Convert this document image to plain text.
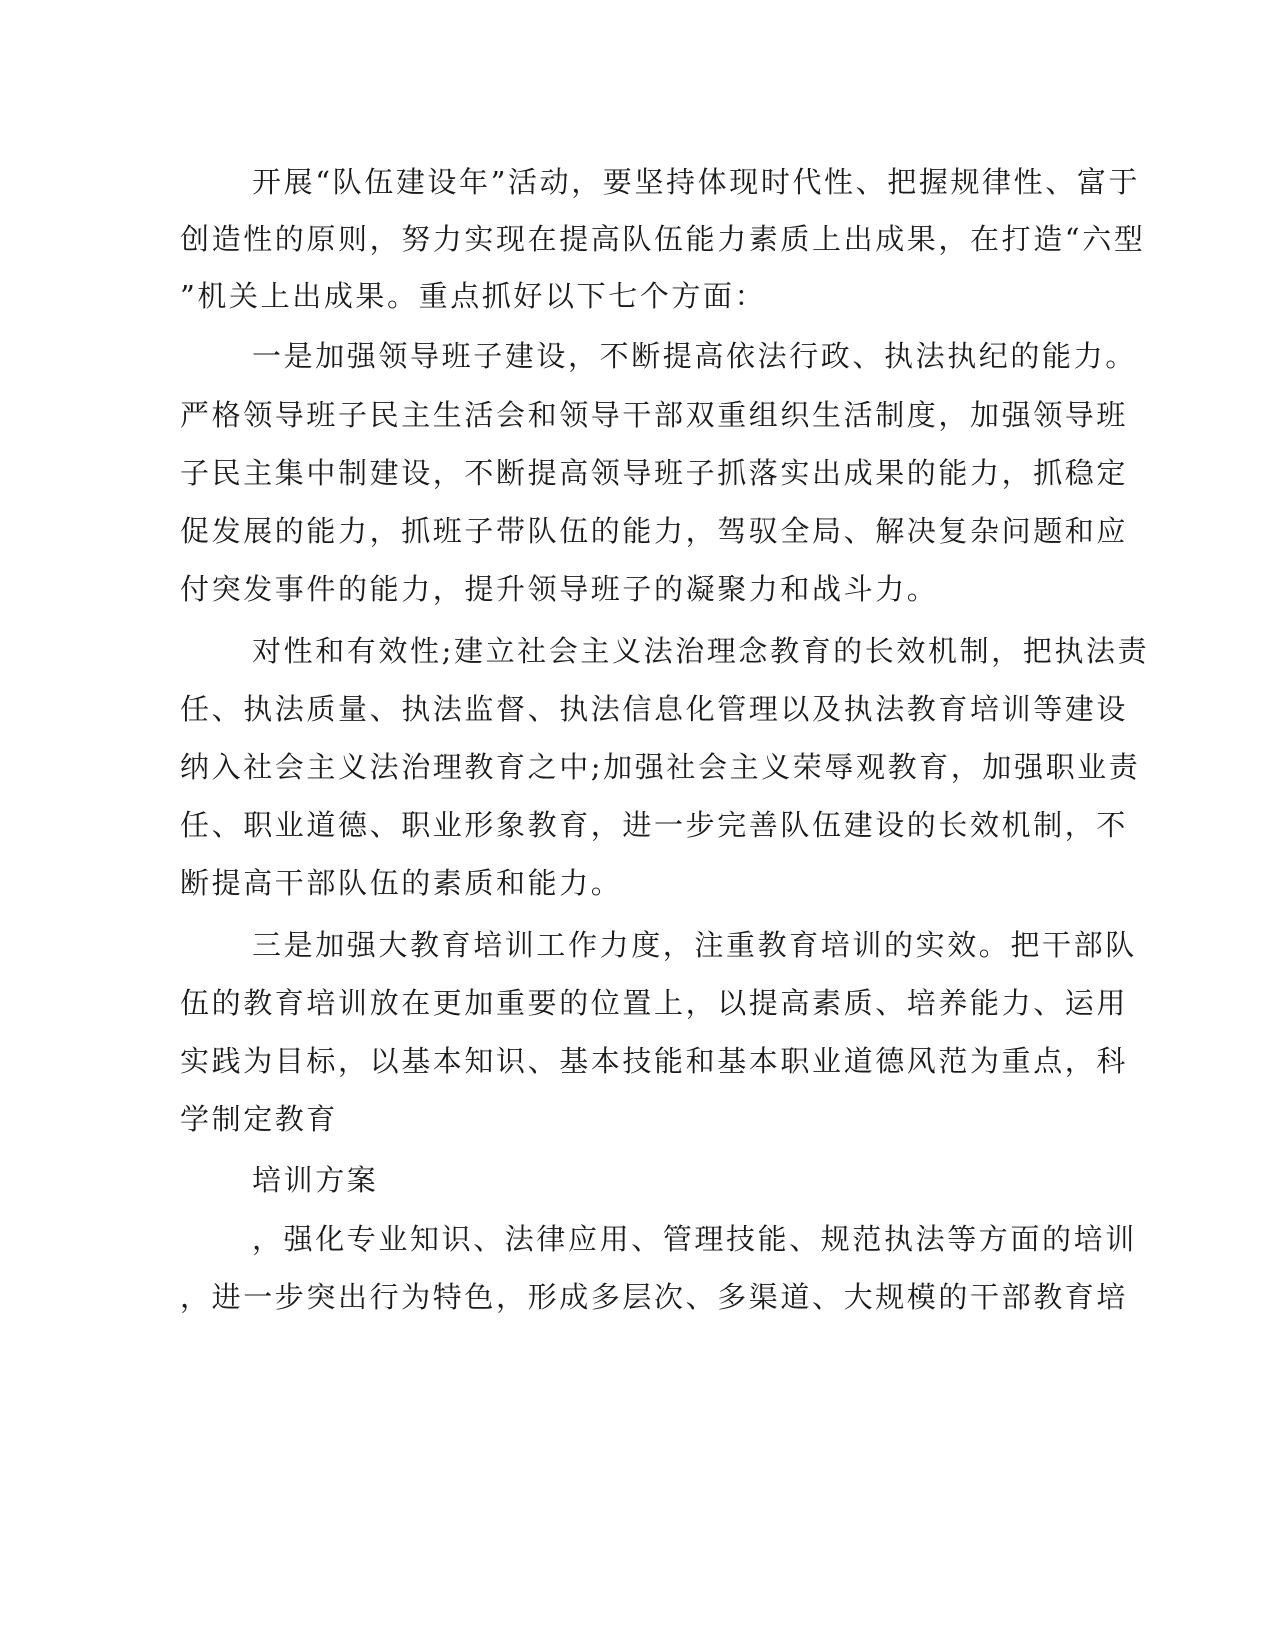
开展“队伍建设年”活动，要坚持体现时代性、把握规律性、富于
创造性的原则，努力实现在提高队伍能力素质上出成果，在打造“六型
”机关上出成果。重点抓好以下七个方面：
一是加强领导班子建设，不断提高依法行政、执法执纪的能力。
严格领导班子民主生活会和领导干部双重组织生活制度，加强领导班
子民主集中制建设，不断提高领导班子抓落实出成果的能力，抓稳定
促发展的能力，抓班子带队伍的能力，驾驭全局、解决复杂问题和应
付突发事件的能力，提升领导班子的凝聚力和战斗力。
对性和有效性;建立社会主义法治理念教育的长效机制，把执法责
任、执法质量、执法监督、执法信息化管理以及执法教育培训等建设
纳入社会主义法治理教育之中;加强社会主义荣辱观教育，加强职业责
任、职业道德、职业形象教育，进一步完善队伍建设的长效机制，不
断提高干部队伍的素质和能力。
三是加强大教育培训工作力度，注重教育培训的实效。把干部队
伍的教育培训放在更加重要的位置上，以提高素质、培养能力、运用
实践为目标，以基本知识、基本技能和基本职业道德风范为重点，科
学制定教育
培训方案
，强化专业知识、法律应用、管理技能、规范执法等方面的培训
，进一步突出行为特色，形成多层次、多渠道、大规模的干部教育培
